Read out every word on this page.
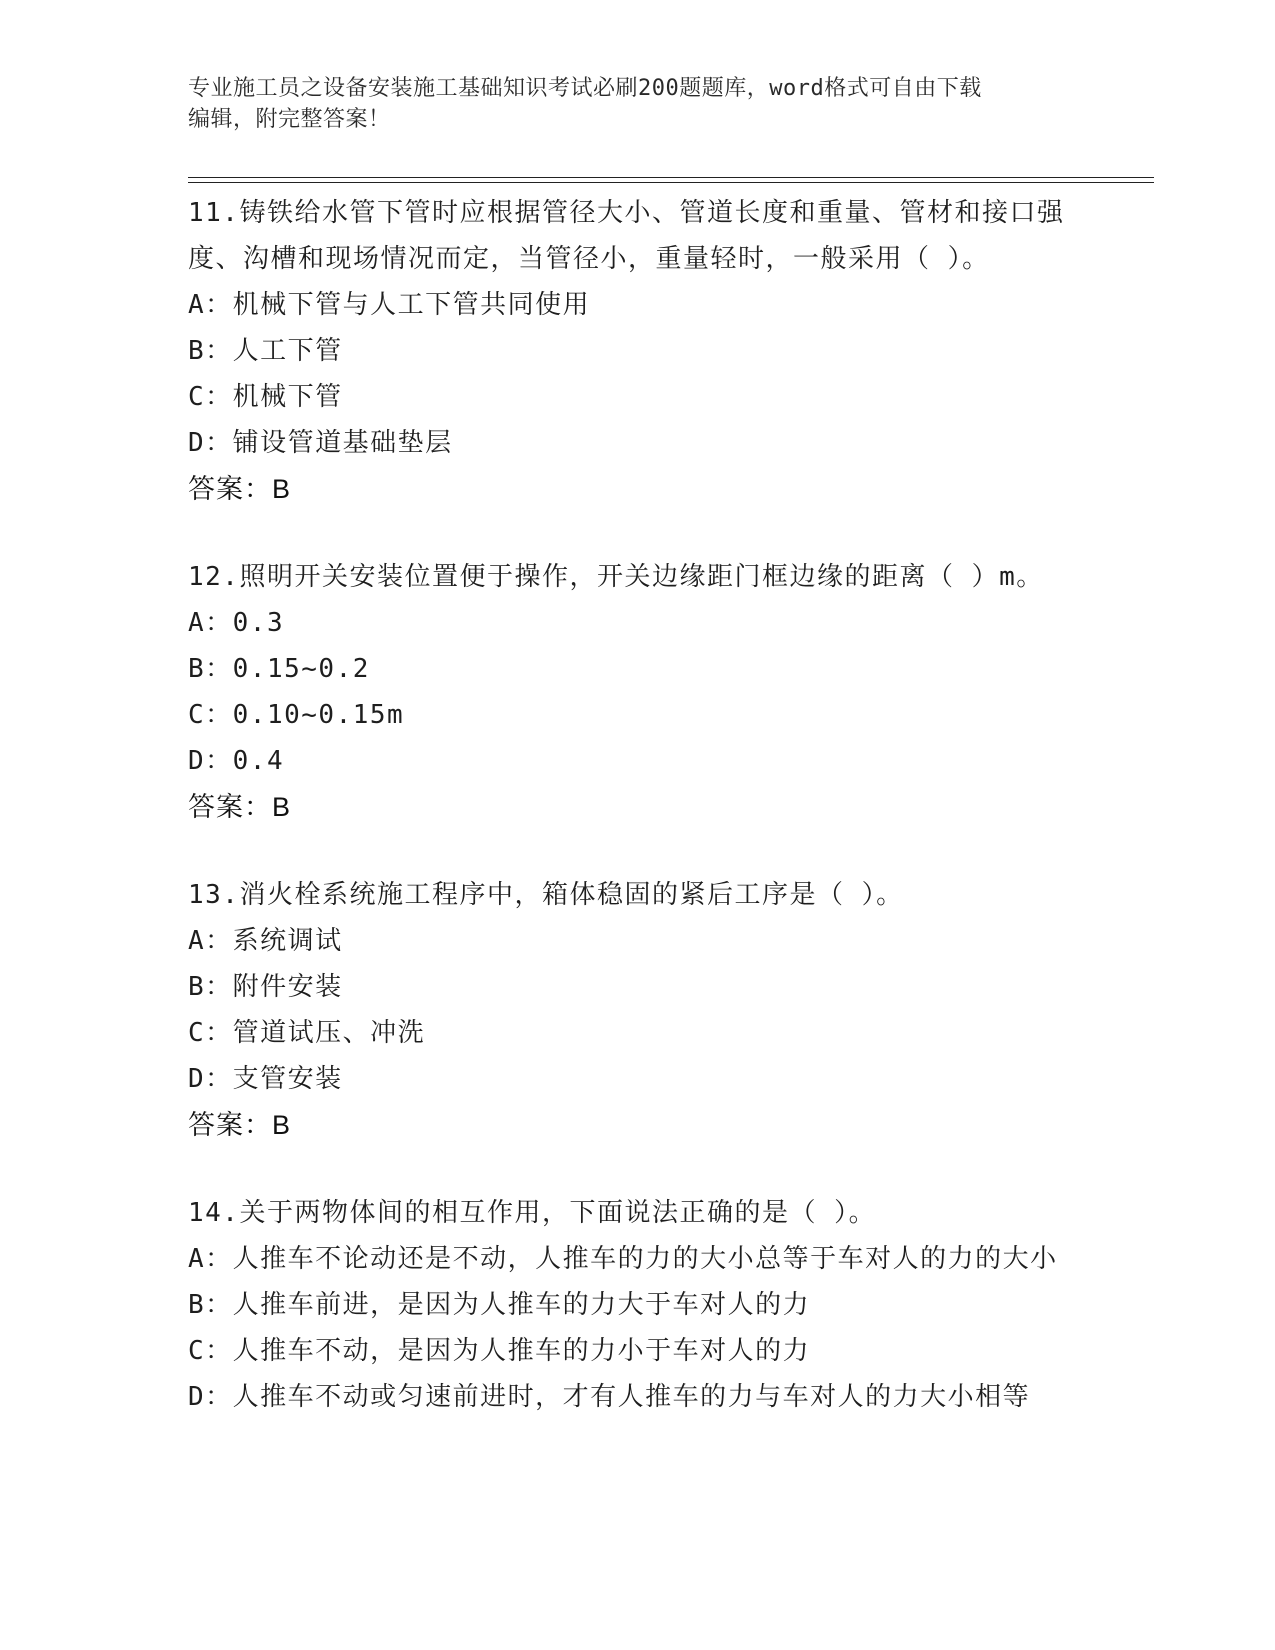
专业施工员之设备安装施工基础知识考试必刷200题题库，word格式可自由下载
编辑，附完整答案！

11.铸铁给水管下管时应根据管径大小、管道长度和重量、管材和接口强度、沟槽和现场情况而定，当管径小，重量轻时，一般采用（ ）。

A：机械下管与人工下管共同使用

B：人工下管

C：机械下管

D：铺设管道基础垫层

答案：B

12.照明开关安装位置便于操作，开关边缘距门框边缘的距离（ ）m。

A：0.3

B：0.15~0.2

C：0.10~0.15m

D：0.4

答案：B

13.消火栓系统施工程序中，箱体稳固的紧后工序是（ ）。

A：系统调试

B：附件安装

C：管道试压、冲洗

D：支管安装

答案：B

14.关于两物体间的相互作用，下面说法正确的是（ ）。

A：人推车不论动还是不动，人推车的力的大小总等于车对人的力的大小

B：人推车前进，是因为人推车的力大于车对人的力

C：人推车不动，是因为人推车的力小于车对人的力

D：人推车不动或匀速前进时，才有人推车的力与车对人的力大小相等
